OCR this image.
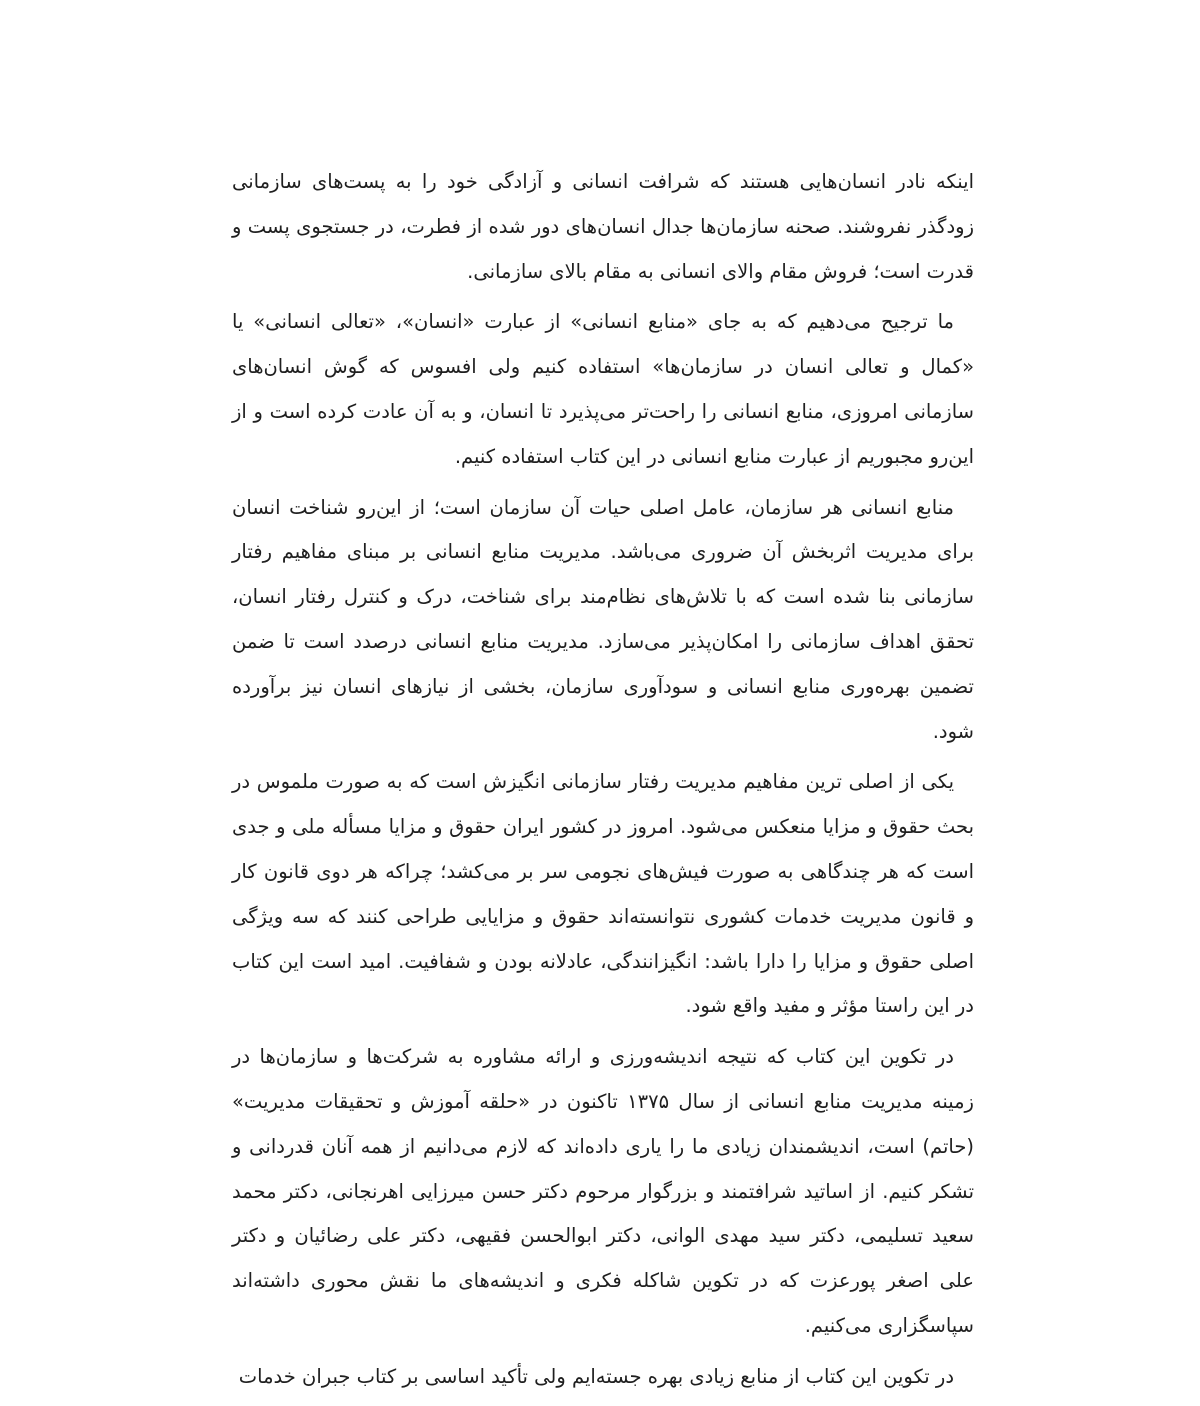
اینکه نادر انسان‌هایی هستند که شرافت انسانی و آزادگی خود را به پست‌های سازمانی زودگذر نفروشند. صحنه سازمان‌ها جدال انسان‌های دور شده از فطرت، در جستجوی پست و قدرت است؛ فروش مقام والای انسانی به مقام بالای سازمانی.

ما ترجیح می‌دهیم که به جای «منابع انسانی» از عبارت «انسان»، «تعالی انسانی» یا «کمال و تعالی انسان در سازمان‌ها» استفاده کنیم ولی افسوس که گوش انسان‌های سازمانی امروزی، منابع انسانی را راحت‌تر می‌پذیرد تا انسان، و به آن عادت کرده است و از این‌رو مجبوریم از عبارت منابع انسانی در این کتاب استفاده کنیم.

منابع انسانی هر سازمان، عامل اصلی حیات آن سازمان است؛ از این‌رو شناخت انسان برای مدیریت اثربخش آن ضروری می‌باشد. مدیریت منابع انسانی بر مبنای مفاهیم رفتار سازمانی بنا شده است که با تلاش‌های نظام‌مند برای شناخت، درک و کنترل رفتار انسان، تحقق اهداف سازمانی را امکان‌پذیر می‌سازد. مدیریت منابع انسانی درصدد است تا ضمن تضمین بهره‌وری منابع انسانی و سودآوری سازمان، بخشی از نیازهای انسان نیز برآورده شود.

یکی از اصلی ترین مفاهیم مدیریت رفتار سازمانی انگیزش است که به صورت ملموس در بحث حقوق و مزایا منعکس می‌شود. امروز در کشور ایران حقوق و مزایا مسأله ملی و جدی است که هر چندگاهی به صورت فیش‌های نجومی سر بر می‌کشد؛ چراکه هر دوی قانون کار و قانون مدیریت خدمات کشوری نتوانسته‌اند حقوق و مزایایی طراحی کنند که سه ویژگی اصلی حقوق و مزایا را دارا باشد: انگیزانندگی، عادلانه بودن و شفافیت. امید است این کتاب در این راستا مؤثر و مفید واقع شود.

در تکوین این کتاب که نتیجه اندیشه‌ورزی و ارائه مشاوره به شرکت‌ها و سازمان‌ها در زمینه مدیریت منابع انسانی از سال ۱۳۷۵ تاکنون در «حلقه آموزش و تحقیقات مدیریت» (حاتم) است، اندیشمندان زیادی ما را یاری داده‌اند که لازم می‌دانیم از همه آنان قدردانی و تشکر کنیم. از اساتید شرافتمند و بزرگوار مرحوم دکتر حسن میرزایی اهرنجانی، دکتر محمد سعید تسلیمی، دکتر سید مهدی الوانی، دکتر ابوالحسن فقیهی، دکتر علی رضائیان و دکتر علی اصغر پورعزت که در تکوین شاکله فکری و اندیشه‌های ما نقش محوری داشته‌اند سپاسگزاری می‌کنیم.

در تکوین این کتاب از منابع زیادی بهره جسته‌ایم ولی تأکید اساسی بر کتاب جبران خدمات
